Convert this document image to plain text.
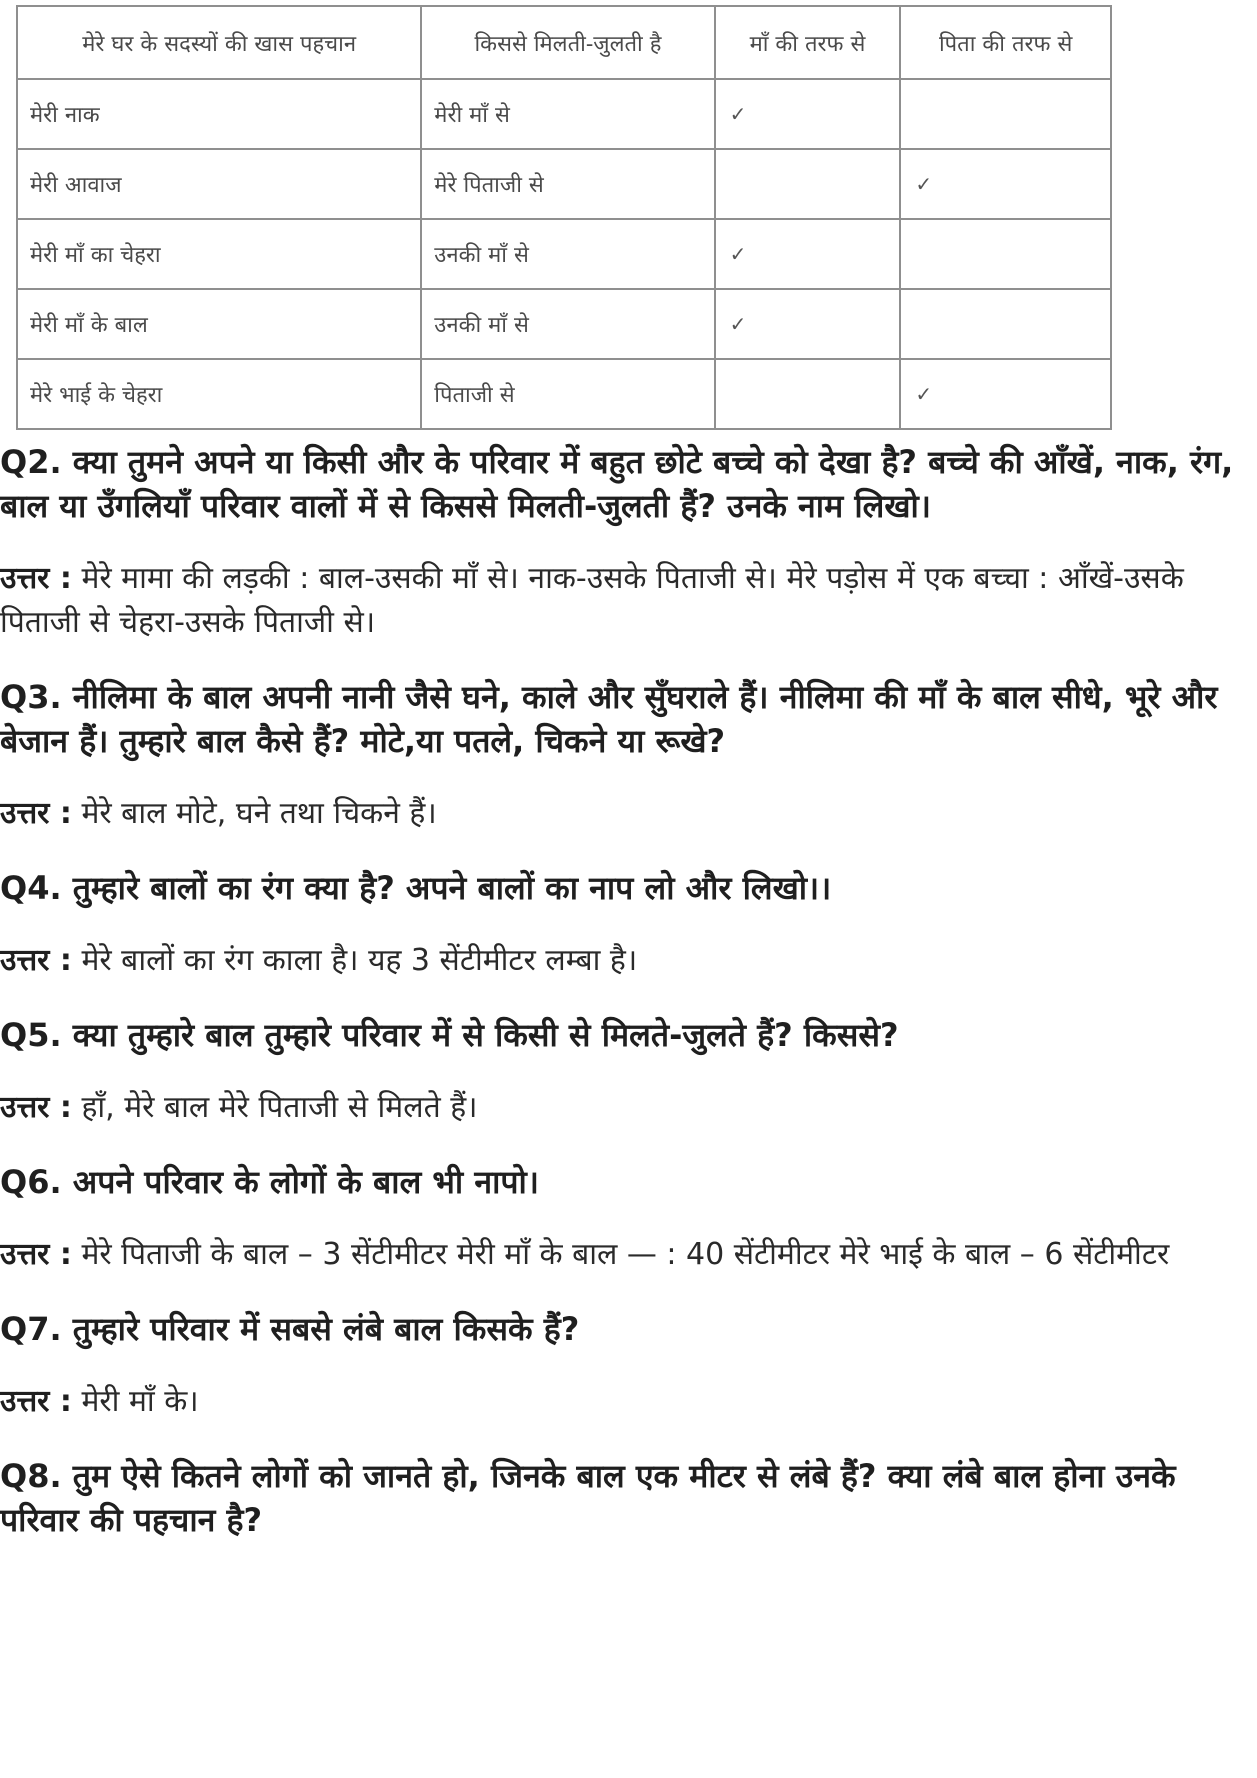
मेरे घर के सदस्यों की खास पहचान	किससे मिलती-जुलती है	माँ की तरफ से	पिता की तरफ से
मेरी नाक	मेरी माँ से	✓	
मेरी आवाज	मेरे पिताजी से		✓
मेरी माँ का चेहरा	उनकी माँ से	✓	
मेरी माँ के बाल	उनकी माँ से	✓	
मेरे भाई के चेहरा	पिताजी से		✓

Q2. क्या तुमने अपने या किसी और के परिवार में बहुत छोटे बच्चे को देखा है? बच्चे की आँखें, नाक, रंग, बाल या उँगलियाँ परिवार वालों में से किससे मिलती-जुलती हैं? उनके नाम लिखो।

उत्तर : मेरे मामा की लड़की : बाल-उसकी माँ से। नाक-उसके पिताजी से। मेरे पड़ोस में एक बच्चा : आँखें-उसके पिताजी से चेहरा-उसके पिताजी से।

Q3. नीलिमा के बाल अपनी नानी जैसे घने, काले और सुँघराले हैं। नीलिमा की माँ के बाल सीधे, भूरे और बेजान हैं। तुम्हारे बाल कैसे हैं? मोटे,या पतले, चिकने या रूखे?

उत्तर : मेरे बाल मोटे, घने तथा चिकने हैं।

Q4. तुम्हारे बालों का रंग क्या है? अपने बालों का नाप लो और लिखो।।

उत्तर : मेरे बालों का रंग काला है। यह 3 सेंटीमीटर लम्बा है।

Q5. क्या तुम्हारे बाल तुम्हारे परिवार में से किसी से मिलते-जुलते हैं? किससे?

उत्तर : हाँ, मेरे बाल मेरे पिताजी से मिलते हैं।

Q6. अपने परिवार के लोगों के बाल भी नापो।

उत्तर : मेरे पिताजी के बाल – 3 सेंटीमीटर मेरी माँ के बाल — : 40 सेंटीमीटर मेरे भाई के बाल – 6 सेंटीमीटर

Q7. तुम्हारे परिवार में सबसे लंबे बाल किसके हैं?

उत्तर : मेरी माँ के।

Q8. तुम ऐसे कितने लोगों को जानते हो, जिनके बाल एक मीटर से लंबे हैं? क्या लंबे बाल होना उनके परिवार की पहचान है?
